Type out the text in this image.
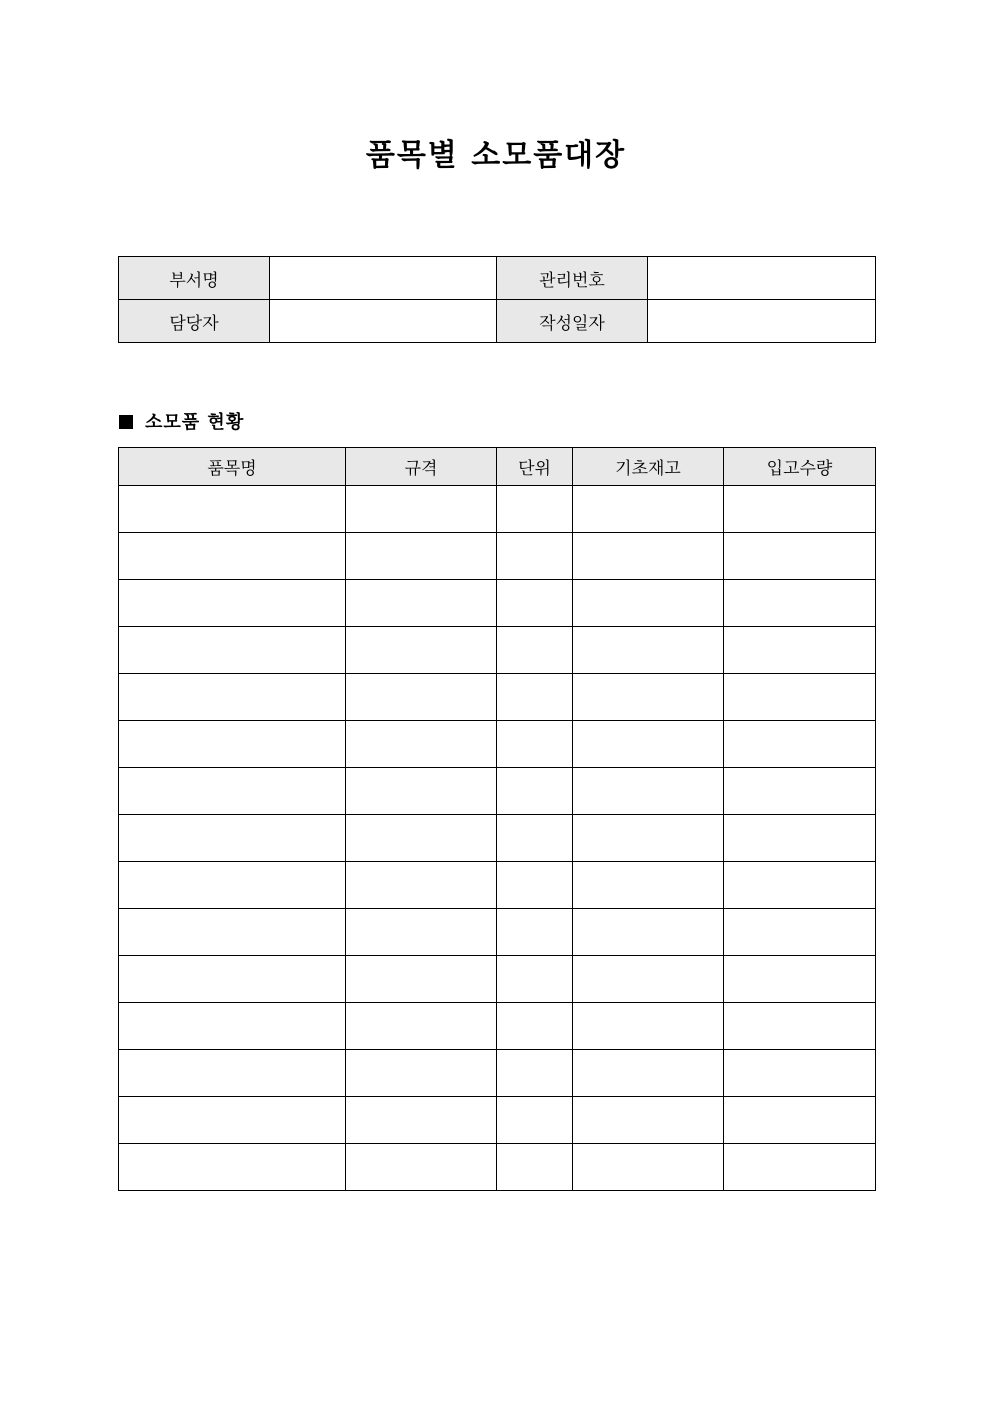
품목별 소모품대장
부서명		관리번호	
담당자		작성일자	
소모품 현황
품목명	규격	단위	기초재고	입고수량
